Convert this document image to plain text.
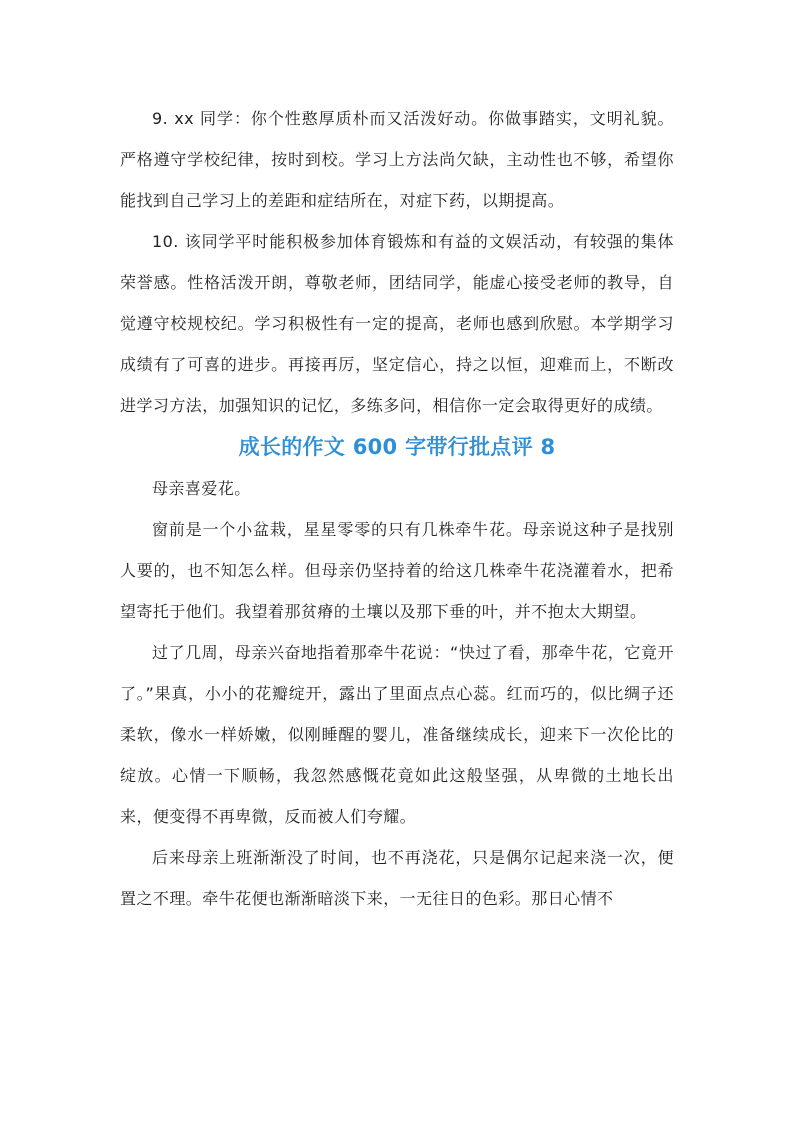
9. xx 同学：你个性憨厚质朴而又活泼好动。你做事踏实，文明礼貌。严格遵守学校纪律，按时到校。学习上方法尚欠缺，主动性也不够，希望你能找到自己学习上的差距和症结所在，对症下药，以期提高。

10. 该同学平时能积极参加体育锻炼和有益的文娱活动，有较强的集体荣誉感。性格活泼开朗，尊敬老师，团结同学，能虚心接受老师的教导，自觉遵守校规校纪。学习积极性有一定的提高，老师也感到欣慰。本学期学习成绩有了可喜的进步。再接再厉，坚定信心，持之以恒，迎难而上，不断改进学习方法，加强知识的记忆，多练多问，相信你一定会取得更好的成绩。

成长的作文 600 字带行批点评 8

母亲喜爱花。

窗前是一个小盆栽，星星零零的只有几株牵牛花。母亲说这种子是找别人要的，也不知怎么样。但母亲仍坚持着的给这几株牵牛花浇灌着水，把希望寄托于他们。我望着那贫瘠的土壤以及那下垂的叶，并不抱太大期望。

过了几周，母亲兴奋地指着那牵牛花说：“快过了看，那牵牛花，它竟开了。”果真，小小的花瓣绽开，露出了里面点点心蕊。红而巧的，似比绸子还柔软，像水一样娇嫩，似刚睡醒的婴儿，准备继续成长，迎来下一次伦比的绽放。心情一下顺畅，我忽然感慨花竟如此这般坚强，从卑微的土地长出来，便变得不再卑微，反而被人们夸耀。

后来母亲上班渐渐没了时间，也不再浇花，只是偶尔记起来浇一次，便置之不理。牵牛花便也渐渐暗淡下来，一无往日的色彩。那日心情不
